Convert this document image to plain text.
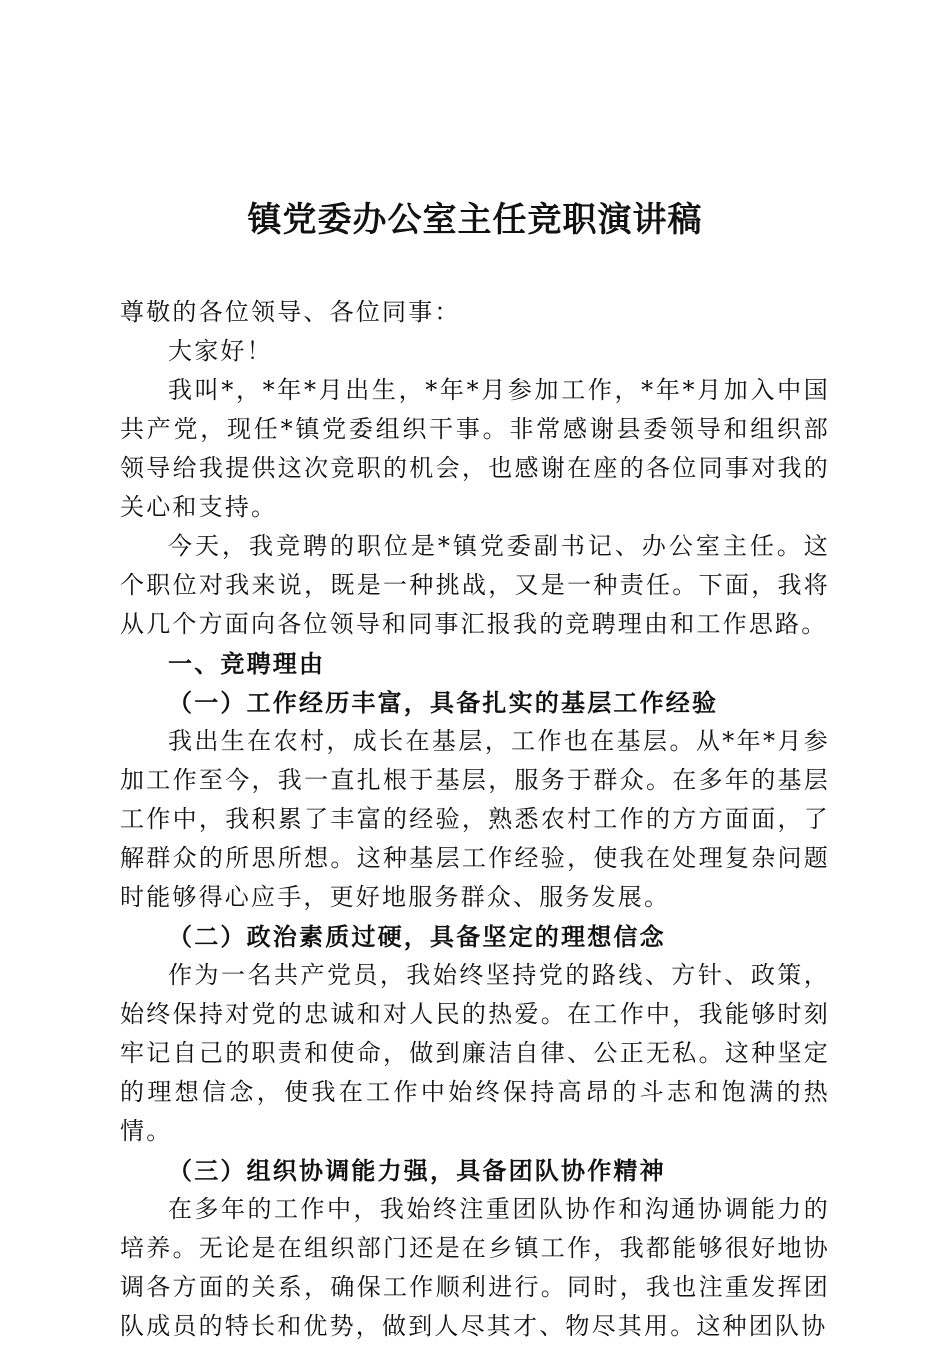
镇党委办公室主任竞职演讲稿

尊敬的各位领导、各位同事：

大家好！

我叫*，*年*月出生，*年*月参加工作，*年*月加入中国共产党，现任*镇党委组织干事。非常感谢县委领导和组织部领导给我提供这次竞职的机会，也感谢在座的各位同事对我的关心和支持。

今天，我竞聘的职位是*镇党委副书记、办公室主任。这个职位对我来说，既是一种挑战，又是一种责任。下面，我将从几个方面向各位领导和同事汇报我的竞聘理由和工作思路。

一、竞聘理由

（一）工作经历丰富，具备扎实的基层工作经验

我出生在农村，成长在基层，工作也在基层。从*年*月参加工作至今，我一直扎根于基层，服务于群众。在多年的基层工作中，我积累了丰富的经验，熟悉农村工作的方方面面，了解群众的所思所想。这种基层工作经验，使我在处理复杂问题时能够得心应手，更好地服务群众、服务发展。

（二）政治素质过硬，具备坚定的理想信念

作为一名共产党员，我始终坚持党的路线、方针、政策，始终保持对党的忠诚和对人民的热爱。在工作中，我能够时刻牢记自己的职责和使命，做到廉洁自律、公正无私。这种坚定的理想信念，使我在工作中始终保持高昂的斗志和饱满的热情。

（三）组织协调能力强，具备团队协作精神

在多年的工作中，我始终注重团队协作和沟通协调能力的培养。无论是在组织部门还是在乡镇工作，我都能够很好地协调各方面的关系，确保工作顺利进行。同时，我也注重发挥团队成员的特长和优势，做到人尽其才、物尽其用。这种团队协
